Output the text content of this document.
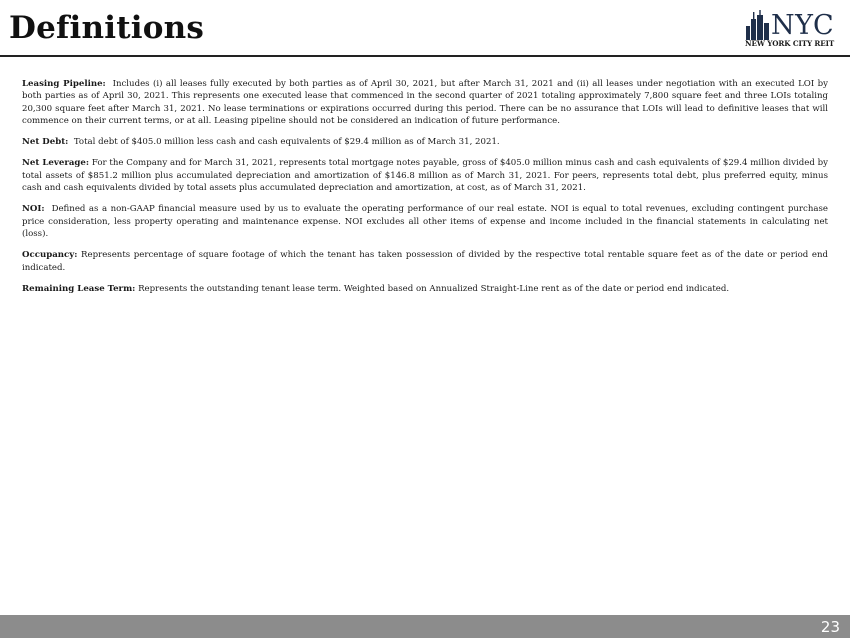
Definitions	NYC
NEW YORK CITY REIT

Leasing Pipeline: Includes (i) all leases fully executed by both parties as of April 30, 2021, but after March 31, 2021 and (ii) all leases under negotiation with an executed LOI by both parties as of April 30, 2021. This represents one executed lease that commenced in the second quarter of 2021 totaling approximately 7,800 square feet and three LOIs totaling 20,300 square feet after March 31, 2021. No lease terminations or expirations occurred during this period. There can be no assurance that LOIs will lead to definitive leases that will commence on their current terms, or at all. Leasing pipeline should not be considered an indication of future performance.

Net Debt: Total debt of $405.0 million less cash and cash equivalents of $29.4 million as of March 31, 2021.

Net Leverage: For the Company and for March 31, 2021, represents total mortgage notes payable, gross of $405.0 million minus cash and cash equivalents of $29.4 million divided by total assets of $851.2 million plus accumulated depreciation and amortization of $146.8 million as of March 31, 2021. For peers, represents total debt, plus preferred equity, minus cash and cash equivalents divided by total assets plus accumulated depreciation and amortization, at cost, as of March 31, 2021.

NOI: Defined as a non-GAAP financial measure used by us to evaluate the operating performance of our real estate. NOI is equal to total revenues, excluding contingent purchase price consideration, less property operating and maintenance expense. NOI excludes all other items of expense and income included in the financial statements in calculating net (loss).

Occupancy: Represents percentage of square footage of which the tenant has taken possession of divided by the respective total rentable square feet as of the date or period end indicated.

Remaining Lease Term: Represents the outstanding tenant lease term. Weighted based on Annualized Straight-Line rent as of the date or period end indicated.

23
